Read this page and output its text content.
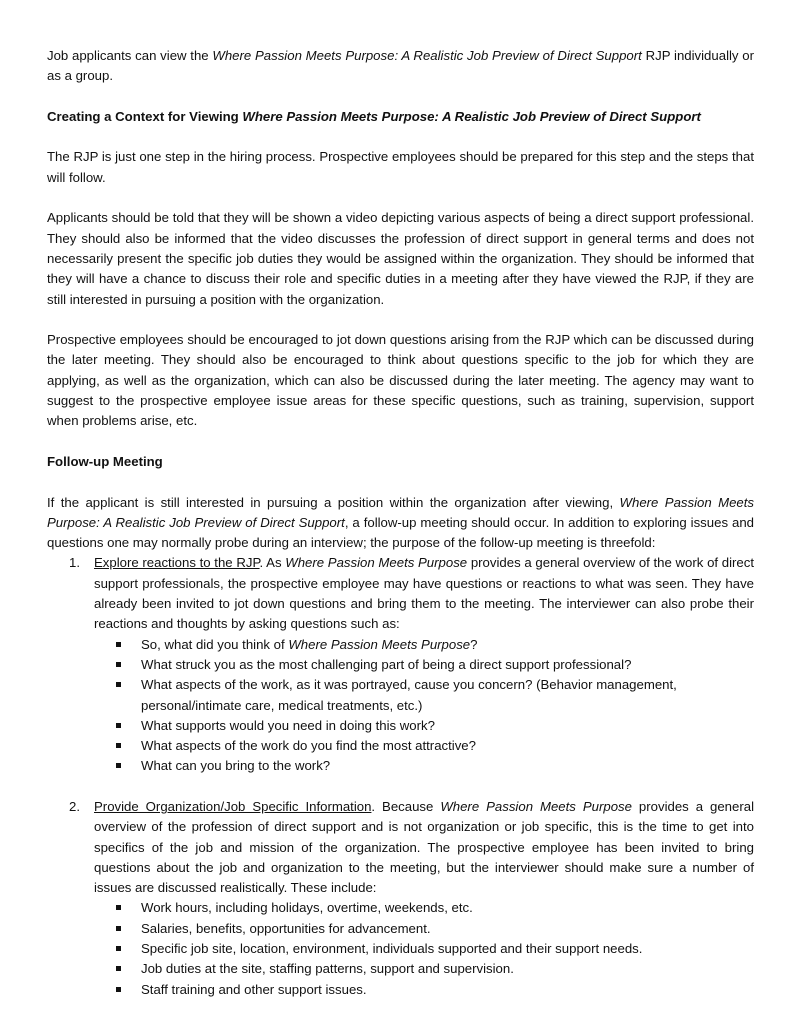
Job applicants can view the Where Passion Meets Purpose: A Realistic Job Preview of Direct Support RJP individually or as a group.

Creating a Context for Viewing Where Passion Meets Purpose: A Realistic Job Preview of Direct Support

The RJP is just one step in the hiring process. Prospective employees should be prepared for this step and the steps that will follow.

Applicants should be told that they will be shown a video depicting various aspects of being a direct support professional. They should also be informed that the video discusses the profession of direct support in general terms and does not necessarily present the specific job duties they would be assigned within the organization. They should be informed that they will have a chance to discuss their role and specific duties in a meeting after they have viewed the RJP, if they are still interested in pursuing a position with the organization.

Prospective employees should be encouraged to jot down questions arising from the RJP which can be discussed during the later meeting. They should also be encouraged to think about questions specific to the job for which they are applying, as well as the organization, which can also be discussed during the later meeting. The agency may want to suggest to the prospective employee issue areas for these specific questions, such as training, supervision, support when problems arise, etc.

Follow-up Meeting

If the applicant is still interested in pursuing a position within the organization after viewing, Where Passion Meets Purpose: A Realistic Job Preview of Direct Support, a follow-up meeting should occur. In addition to exploring issues and questions one may normally probe during an interview; the purpose of the follow-up meeting is threefold:

1. Explore reactions to the RJP. As Where Passion Meets Purpose provides a general overview of the work of direct support professionals, the prospective employee may have questions or reactions to what was seen. They have already been invited to jot down questions and bring them to the meeting. The interviewer can also probe their reactions and thoughts by asking questions such as:

So, what did you think of Where Passion Meets Purpose?
What struck you as the most challenging part of being a direct support professional?
What aspects of the work, as it was portrayed, cause you concern? (Behavior management, personal/intimate care, medical treatments, etc.)
What supports would you need in doing this work?
What aspects of the work do you find the most attractive?
What can you bring to the work?
2. Provide Organization/Job Specific Information. Because Where Passion Meets Purpose provides a general overview of the profession of direct support and is not organization or job specific, this is the time to get into specifics of the job and mission of the organization. The prospective employee has been invited to bring questions about the job and organization to the meeting, but the interviewer should make sure a number of issues are discussed realistically. These include:

Work hours, including holidays, overtime, weekends, etc.
Salaries, benefits, opportunities for advancement.
Specific job site, location, environment, individuals supported and their support needs.
Job duties at the site, staffing patterns, support and supervision.
Staff training and other support issues.
